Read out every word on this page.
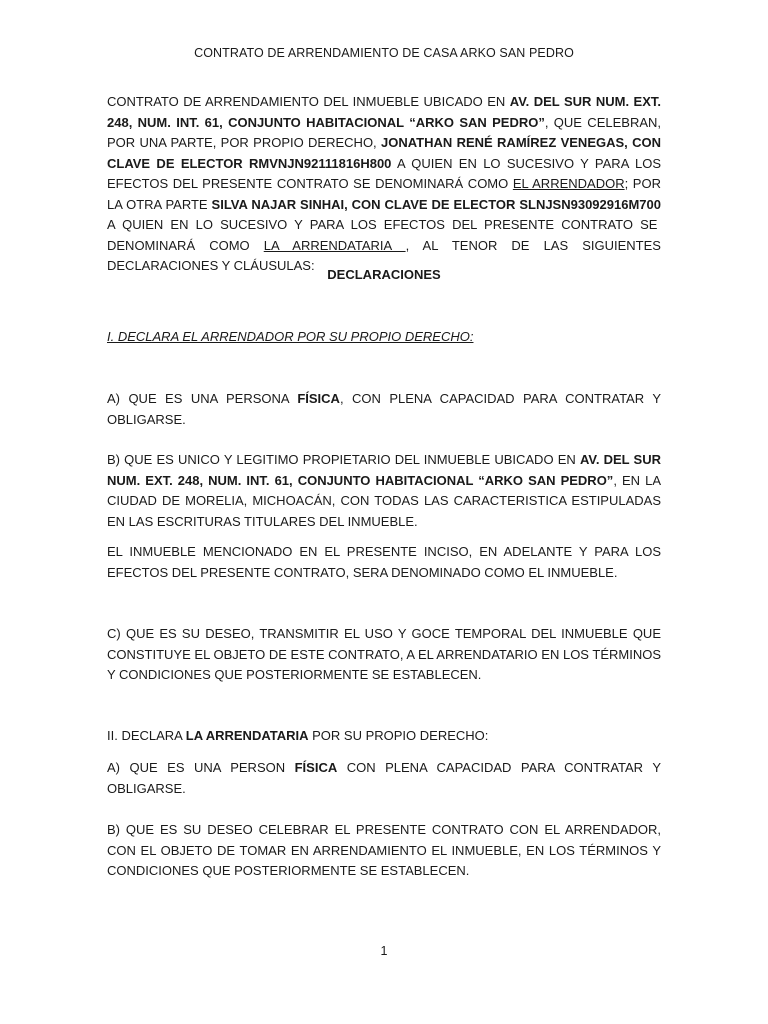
CONTRATO DE ARRENDAMIENTO DE CASA ARKO SAN PEDRO
CONTRATO DE ARRENDAMIENTO DEL INMUEBLE UBICADO EN AV. DEL SUR NUM. EXT. 248, NUM. INT. 61, CONJUNTO HABITACIONAL “ARKO SAN PEDRO”, QUE CELEBRAN, POR UNA PARTE, POR PROPIO DERECHO, JONATHAN RENÉ RAMÍREZ VENEGAS, CON CLAVE DE ELECTOR RMVNJN92111816H800 A QUIEN EN LO SUCESIVO Y PARA LOS EFECTOS DEL PRESENTE CONTRATO SE DENOMINARÁ COMO EL ARRENDADOR; POR LA OTRA PARTE SILVA NAJAR SINHAI, CON CLAVE DE ELECTOR SLNJSN93092916M700 A QUIEN EN LO SUCESIVO Y PARA LOS EFECTOS DEL PRESENTE CONTRATO SE DENOMINARÁ COMO LA ARRENDATARIA , AL TENOR DE LAS SIGUIENTES DECLARACIONES Y CLÁUSULAS:
DECLARACIONES
I. DECLARA EL ARRENDADOR POR SU PROPIO DERECHO:
A) QUE ES UNA PERSONA FÍSICA, CON PLENA CAPACIDAD PARA CONTRATAR Y OBLIGARSE.
B) QUE ES UNICO Y LEGITIMO PROPIETARIO DEL INMUEBLE UBICADO EN AV. DEL SUR NUM. EXT. 248, NUM. INT. 61, CONJUNTO HABITACIONAL “ARKO SAN PEDRO”, EN LA CIUDAD DE MORELIA, MICHOACÁN, CON TODAS LAS CARACTERISTICA ESTIPULADAS EN LAS ESCRITURAS TITULARES DEL INMUEBLE.
EL INMUEBLE MENCIONADO EN EL PRESENTE INCISO, EN ADELANTE Y PARA LOS EFECTOS DEL PRESENTE CONTRATO, SERA DENOMINADO COMO EL INMUEBLE.
C) QUE ES SU DESEO, TRANSMITIR EL USO Y GOCE TEMPORAL DEL INMUEBLE QUE CONSTITUYE EL OBJETO DE ESTE CONTRATO, A EL ARRENDATARIO EN LOS TÉRMINOS Y CONDICIONES QUE POSTERIORMENTE SE ESTABLECEN.
II. DECLARA LA ARRENDATARIA POR SU PROPIO DERECHO:
A) QUE ES UNA PERSON FÍSICA CON PLENA CAPACIDAD PARA CONTRATAR Y OBLIGARSE.
B) QUE ES SU DESEO CELEBRAR EL PRESENTE CONTRATO CON EL ARRENDADOR, CON EL OBJETO DE TOMAR EN ARRENDAMIENTO EL INMUEBLE, EN LOS TÉRMINOS Y CONDICIONES QUE POSTERIORMENTE SE ESTABLECEN.
1
